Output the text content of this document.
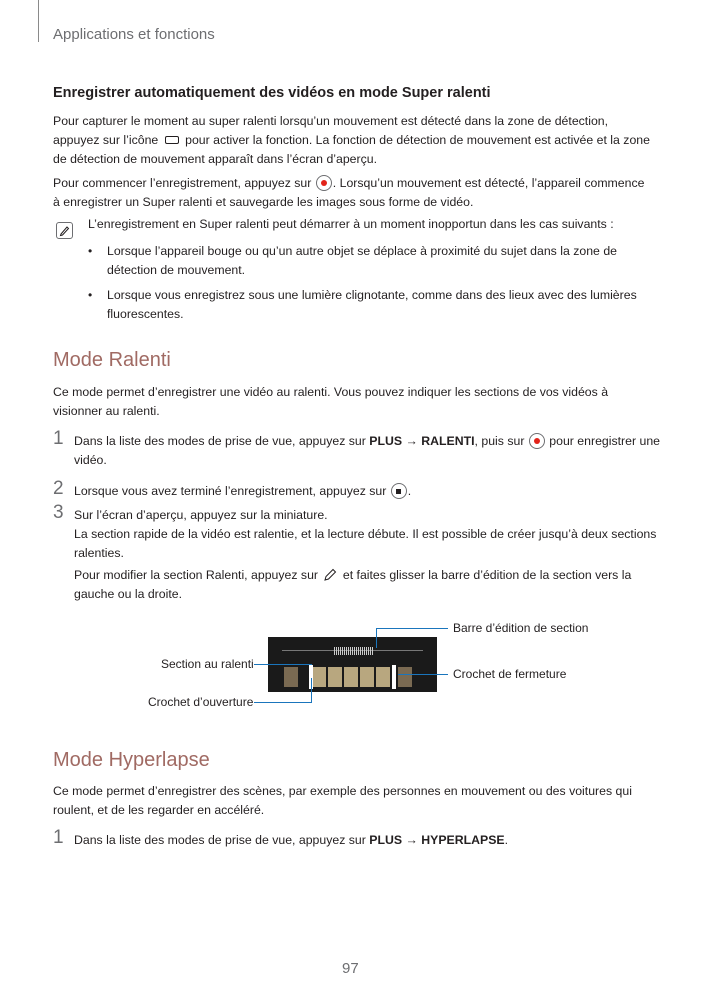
Applications et fonctions
Enregistrer automatiquement des vidéos en mode Super ralenti
Pour capturer le moment au super ralenti lorsqu’un mouvement est détecté dans la zone de détection,
appuyez sur l’icône pour activer la fonction. La fonction de détection de mouvement est activée et la zone
de détection de mouvement apparaît dans l’écran d’aperçu.
Pour commencer l’enregistrement, appuyez sur . Lorsqu’un mouvement est détecté, l’appareil commence
à enregistrer un Super ralenti et sauvegarde les images sous forme de vidéo.
L’enregistrement en Super ralenti peut démarrer à un moment inopportun dans les cas suivants :
• Lorsque l’appareil bouge ou qu’un autre objet se déplace à proximité du sujet dans la zone de
détection de mouvement.
• Lorsque vous enregistrez sous une lumière clignotante, comme dans des lieux avec des lumières
fluorescentes.
Mode Ralenti
Ce mode permet d’enregistrer une vidéo au ralenti. Vous pouvez indiquer les sections de vos vidéos à
visionner au ralenti.
1 Dans la liste des modes de prise de vue, appuyez sur PLUS → RALENTI, puis sur pour enregistrer une
vidéo.
2 Lorsque vous avez terminé l’enregistrement, appuyez sur .
3 Sur l’écran d’aperçu, appuyez sur la miniature.
La section rapide de la vidéo est ralentie, et la lecture débute. Il est possible de créer jusqu’à deux sections
ralenties.
Pour modifier la section Ralenti, appuyez sur et faites glisser la barre d’édition de la section vers la
gauche ou la droite.
Barre d’édition de section
Section au ralenti
Crochet de fermeture
Crochet d’ouverture
Mode Hyperlapse
Ce mode permet d’enregistrer des scènes, par exemple des personnes en mouvement ou des voitures qui
roulent, et de les regarder en accéléré.
1 Dans la liste des modes de prise de vue, appuyez sur PLUS → HYPERLAPSE.
97
